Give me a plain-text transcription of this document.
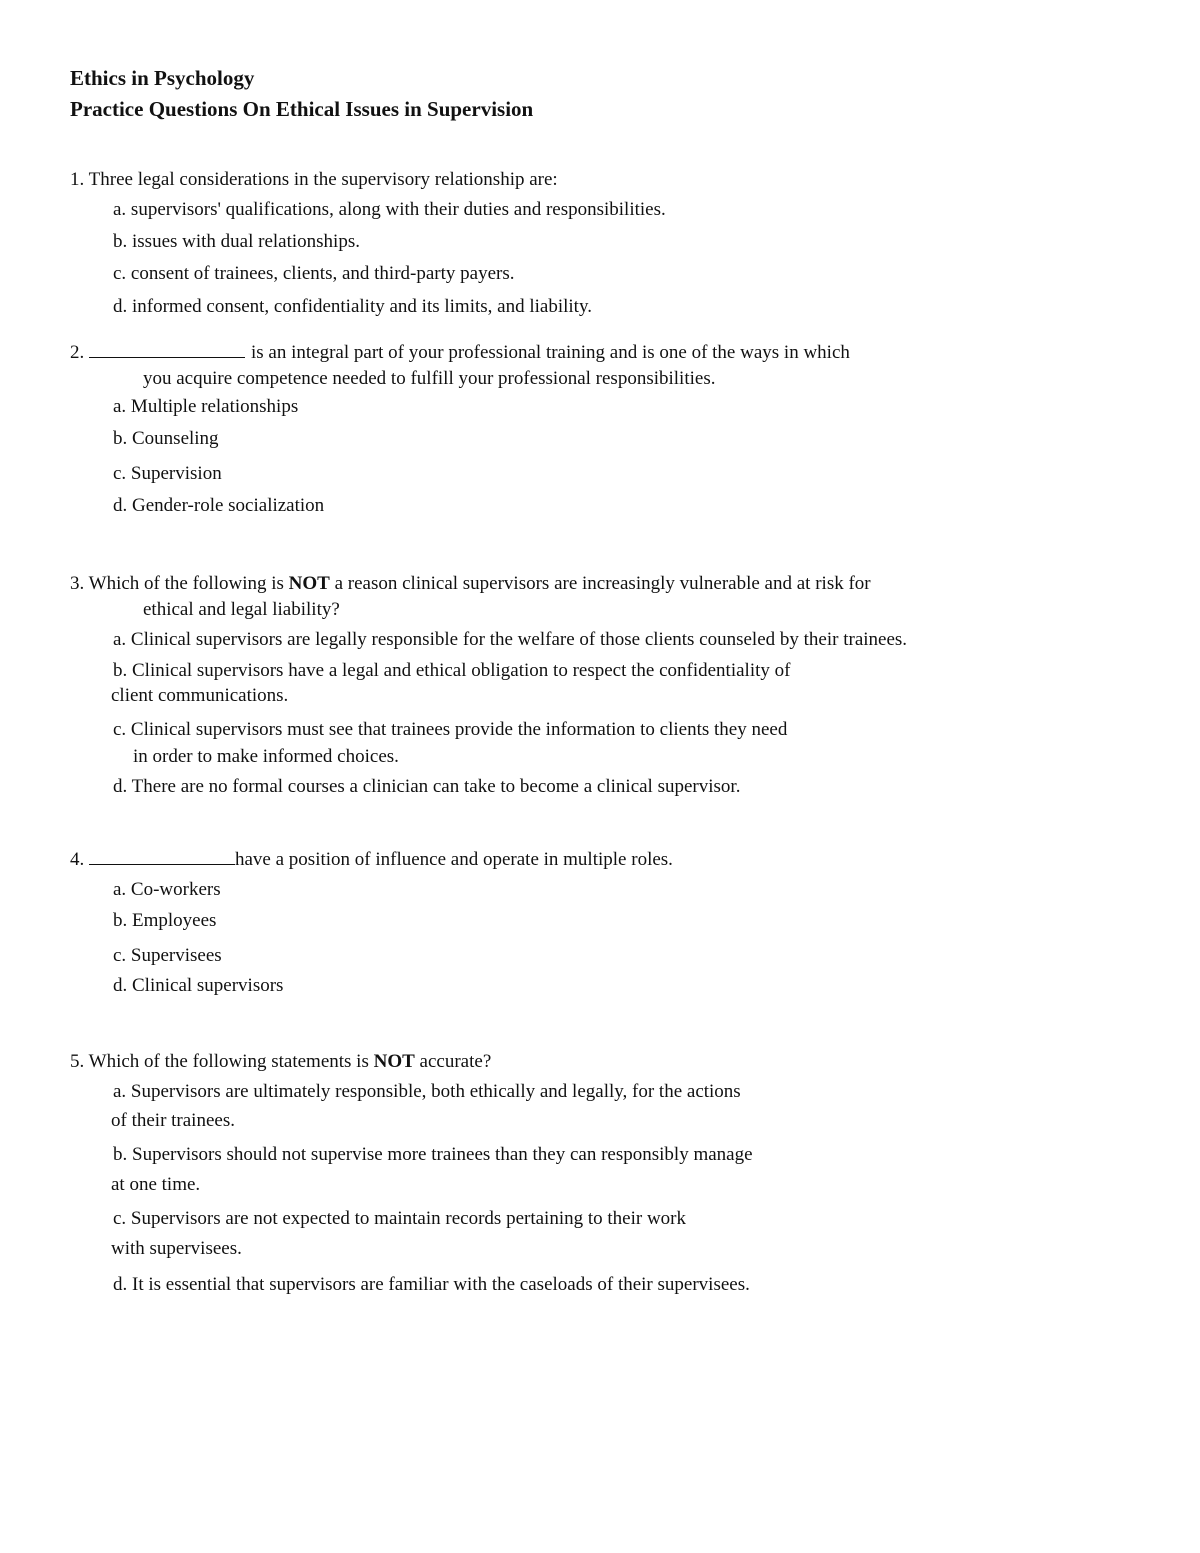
Ethics in Psychology
Practice Questions On Ethical Issues in Supervision
1. Three legal considerations in the supervisory relationship are:
a. supervisors' qualifications, along with their duties and responsibilities.
b. issues with dual relationships.
c. consent of trainees, clients, and third-party payers.
d. informed consent, confidentiality and its limits, and liability.
2.	is an integral part of your professional training and is one of the ways in which
you acquire competence needed to fulfill your professional responsibilities.
a. Multiple relationships
b. Counseling
c. Supervision
d. Gender-role socialization
3. Which of the following is NOT a reason clinical supervisors are increasingly vulnerable and at risk for
ethical and legal liability?
a. Clinical supervisors are legally responsible for the welfare of those clients counseled by their trainees.
b. Clinical supervisors have a legal and ethical obligation to respect the confidentiality of
client communications.
c. Clinical supervisors must see that trainees provide the information to clients they need
in order to make informed choices.
d. There are no formal courses a clinician can take to become a clinical supervisor.
4.	have a position of influence and operate in multiple roles.
a. Co-workers
b. Employees
c. Supervisees
d. Clinical supervisors
5. Which of the following statements is NOT accurate?
a. Supervisors are ultimately responsible, both ethically and legally, for the actions
of their trainees.
b. Supervisors should not supervise more trainees than they can responsibly manage
at one time.
c. Supervisors are not expected to maintain records pertaining to their work
with supervisees.
d. It is essential that supervisors are familiar with the caseloads of their supervisees.
